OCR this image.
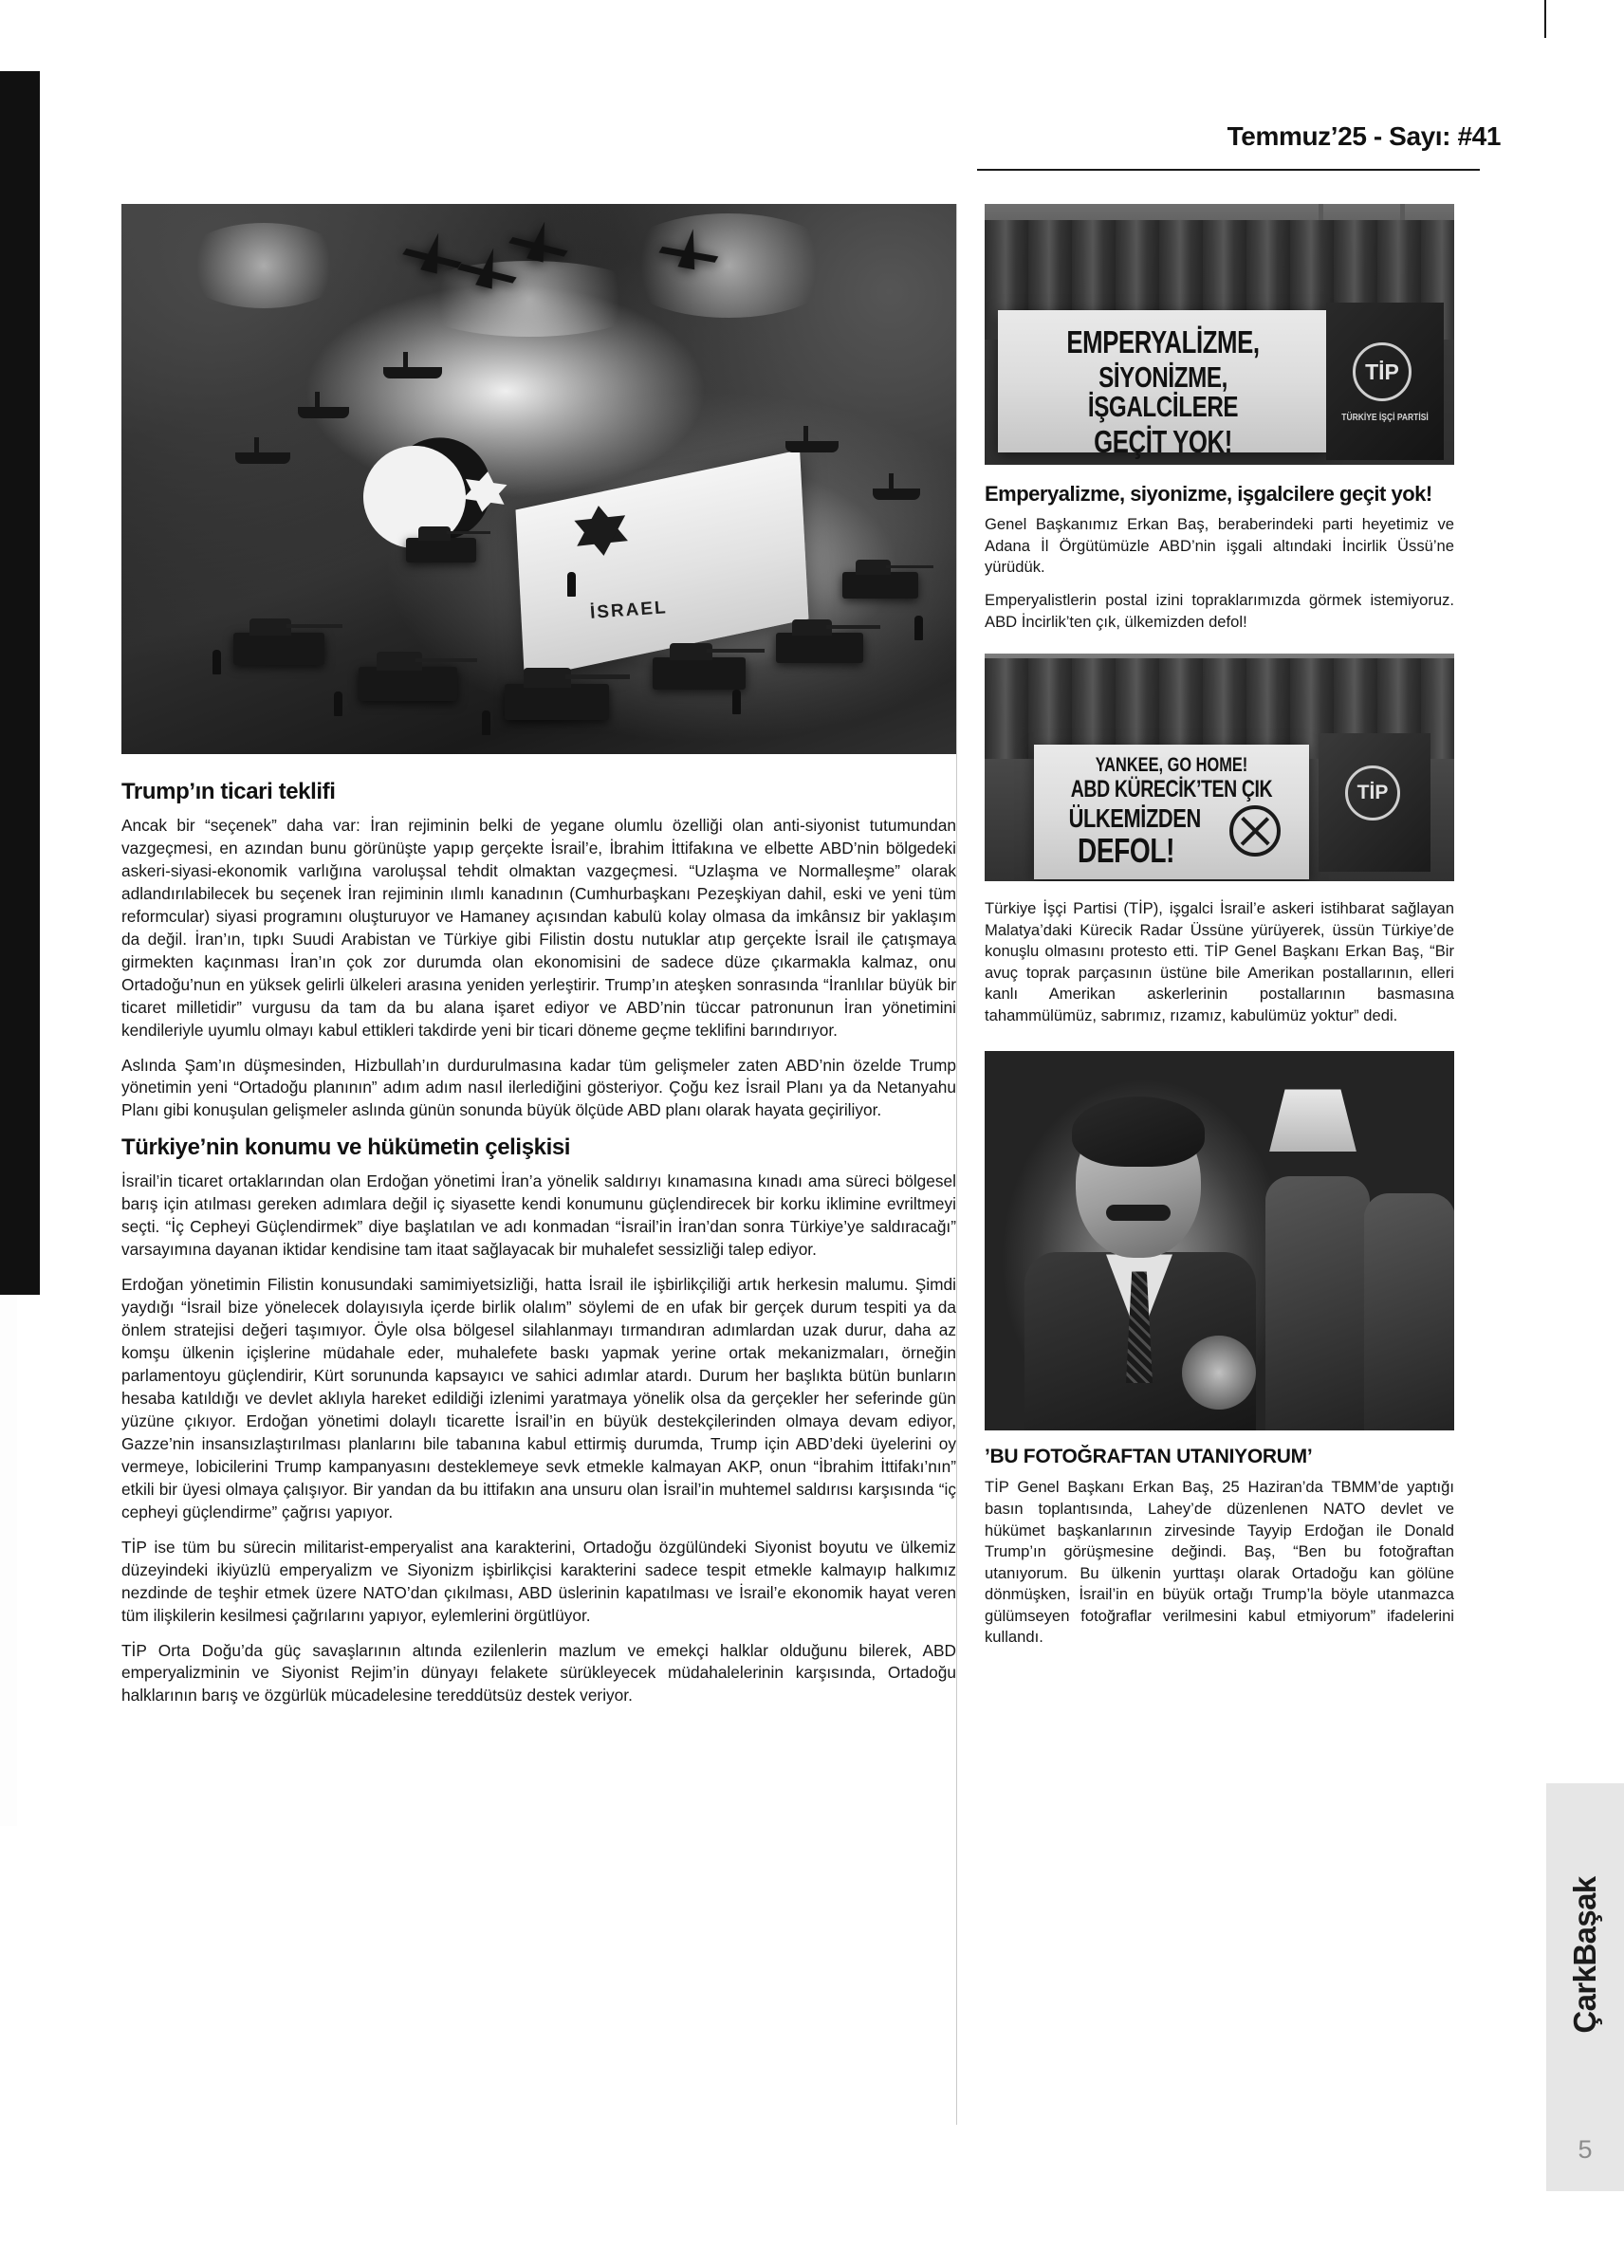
Temmuz’25 - Sayı: #41
İSRAEL
Trump’ın ticari teklifi

Ancak bir “seçenek” daha var: İran rejiminin belki de yegane olumlu özelliği olan anti-siyonist tutumundan vazgeçmesi, en azından bunu görünüşte yapıp gerçekte İsrail’e, İbrahim İttifakına ve elbette ABD’nin bölgedeki askeri-siyasi-ekonomik varlığına varoluşsal tehdit olmaktan vazgeçmesi. “Uzlaşma ve Normalleşme” olarak adlandırılabilecek bu seçenek İran rejiminin ılımlı kanadının (Cumhurbaşkanı Pezeşkiyan dahil, eski ve yeni tüm reformcular) siyasi programını oluşturuyor ve Hamaney açısından kabulü kolay olmasa da imkânsız bir yaklaşım da değil. İran’ın, tıpkı Suudi Arabistan ve Türkiye gibi Filistin dostu nutuklar atıp gerçekte İsrail ile çatışmaya girmekten kaçınması İran’ın çok zor durumda olan ekonomisini de sadece düze çıkarmakla kalmaz, onu Ortadoğu’nun en yüksek gelirli ülkeleri arasına yeniden yerleştirir. Trump’ın ateşken sonrasında “İranlılar büyük bir ticaret milletidir” vurgusu da tam da bu alana işaret ediyor ve ABD’nin tüccar patronunun İran yönetimini kendileriyle uyumlu olmayı kabul ettikleri takdirde yeni bir ticari döneme geçme teklifini barındırıyor.

Aslında Şam’ın düşmesinden, Hizbullah’ın durdurulmasına kadar tüm gelişmeler zaten ABD’nin özelde Trump yönetimin yeni “Ortadoğu planının” adım adım nasıl ilerlediğini gösteriyor. Çoğu kez İsrail Planı ya da Netanyahu Planı gibi konuşulan gelişmeler aslında günün sonunda büyük ölçüde ABD planı olarak hayata geçiriliyor.

Türkiye’nin konumu ve hükümetin çelişkisi

İsrail’in ticaret ortaklarından olan Erdoğan yönetimi İran’a yönelik saldırıyı kınamasına kınadı ama süreci bölgesel barış için atılması gereken adımlara değil iç siyasette kendi konumunu güçlendirecek bir korku iklimine evriltmeyi seçti. “İç Cepheyi Güçlendirmek” diye başlatılan ve adı konmadan “İsrail’in İran’dan sonra Türkiye’ye saldıracağı” varsayımına dayanan iktidar kendisine tam itaat sağlayacak bir muhalefet sessizliği talep ediyor.

Erdoğan yönetimin Filistin konusundaki samimiyetsizliği, hatta İsrail ile işbirlikçiliği artık herkesin malumu. Şimdi yaydığı “İsrail bize yönelecek dolayısıyla içerde birlik olalım” söylemi de en ufak bir gerçek durum tespiti ya da önlem stratejisi değeri taşımıyor. Öyle olsa bölgesel silahlanmayı tırmandıran adımlardan uzak durur, daha az komşu ülkenin içişlerine müdahale eder, muhalefete baskı yapmak yerine ortak mekanizmaları, örneğin parlamentoyu güçlendirir, Kürt sorununda kapsayıcı ve sahici adımlar atardı. Durum her başlıkta bütün bunların hesaba katıldığı ve devlet aklıyla hareket edildiği izlenimi yaratmaya yönelik olsa da gerçekler her seferinde gün yüzüne çıkıyor. Erdoğan yönetimi dolaylı ticarette İsrail’in en büyük destekçilerinden olmaya devam ediyor, Gazze’nin insansızlaştırılması planlarını bile tabanına kabul ettirmiş durumda, Trump için ABD’deki üyelerini oy vermeye, lobicilerini Trump kampanyasını desteklemeye sevk etmekle kalmayan AKP, onun “İbrahim İttifakı’nın” etkili bir üyesi olmaya çalışıyor. Bir yandan da bu ittifakın ana unsuru olan İsrail’in muhtemel saldırısı karşısında “iç cepheyi güçlendirme” çağrısı yapıyor.

TİP ise tüm bu sürecin militarist-emperyalist ana karakterini, Ortadoğu özgülündeki Siyonist boyutu ve ülkemiz düzeyindeki ikiyüzlü emperyalizm ve Siyonizm işbirlikçisi karakterini sadece tespit etmekle kalmayıp halkımız nezdinde de teşhir etmek üzere NATO’dan çıkılması, ABD üslerinin kapatılması ve İsrail’e ekonomik hayat veren tüm ilişkilerin kesilmesi çağrılarını yapıyor, eylemlerini örgütlüyor.

TİP Orta Doğu’da güç savaşlarının altında ezilenlerin mazlum ve emekçi halklar olduğunu bilerek, ABD emperyalizminin ve Siyonist Rejim’in dünyayı felakete sürükleyecek müdahalelerinin karşısında, Ortadoğu halklarının barış ve özgürlük mücadelesine tereddütsüz destek veriyor.

EMPERYALİZME,
SİYONİZME, İŞGALCİLERE
GEÇİT YOK!
TİP
TÜRKİYE İŞÇİ PARTİSİ
Emperyalizme, siyonizme, işgalcilere geçit yok!

Genel Başkanımız Erkan Baş, beraberindeki parti heyetimiz ve Adana İl Örgütümüzle ABD’nin işgali altındaki İncirlik Üssü’ne yürüdük.

Emperyalistlerin postal izini topraklarımızda görmek istemiyoruz. ABD İncirlik’ten çık, ülkemizden defol!

YANKEE, GO HOME!
ABD KÜRECİK’TEN ÇIK
ÜLKEMİZDEN
DEFOL!
TİP

Türkiye İşçi Partisi (TİP), işgalci İsrail’e askeri istihbarat sağlayan Malatya’daki Kürecik Radar Üssüne yürüyerek, üssün Türkiye’de konuşlu olmasını protesto etti. TİP Genel Başkanı Erkan Baş, “Bir avuç toprak parçasının üstüne bile Amerikan postallarının, elleri kanlı Amerikan askerlerinin postallarının basmasına tahammülümüz, sabrımız, rızamız, kabulümüz yoktur” dedi.

’BU FOTOĞRAFTAN UTANIYORUM’

TİP Genel Başkanı Erkan Baş, 25 Haziran’da TBMM’de yaptığı basın toplantısında, Lahey’de düzenlenen NATO devlet ve hükümet başkanlarının zirvesinde Tayyip Erdoğan ile Donald Trump’ın görüşmesine değindi. Baş, “Ben bu fotoğraftan utanıyorum. Bu ülkenin yurttaşı olarak Ortadoğu kan gölüne dönmüşken, İsrail’in en büyük ortağı Trump’la böyle utanmazca gülümseyen fotoğraflar verilmesini kabul etmiyorum” ifadelerini kullandı.

ÇarkBaşak
5
